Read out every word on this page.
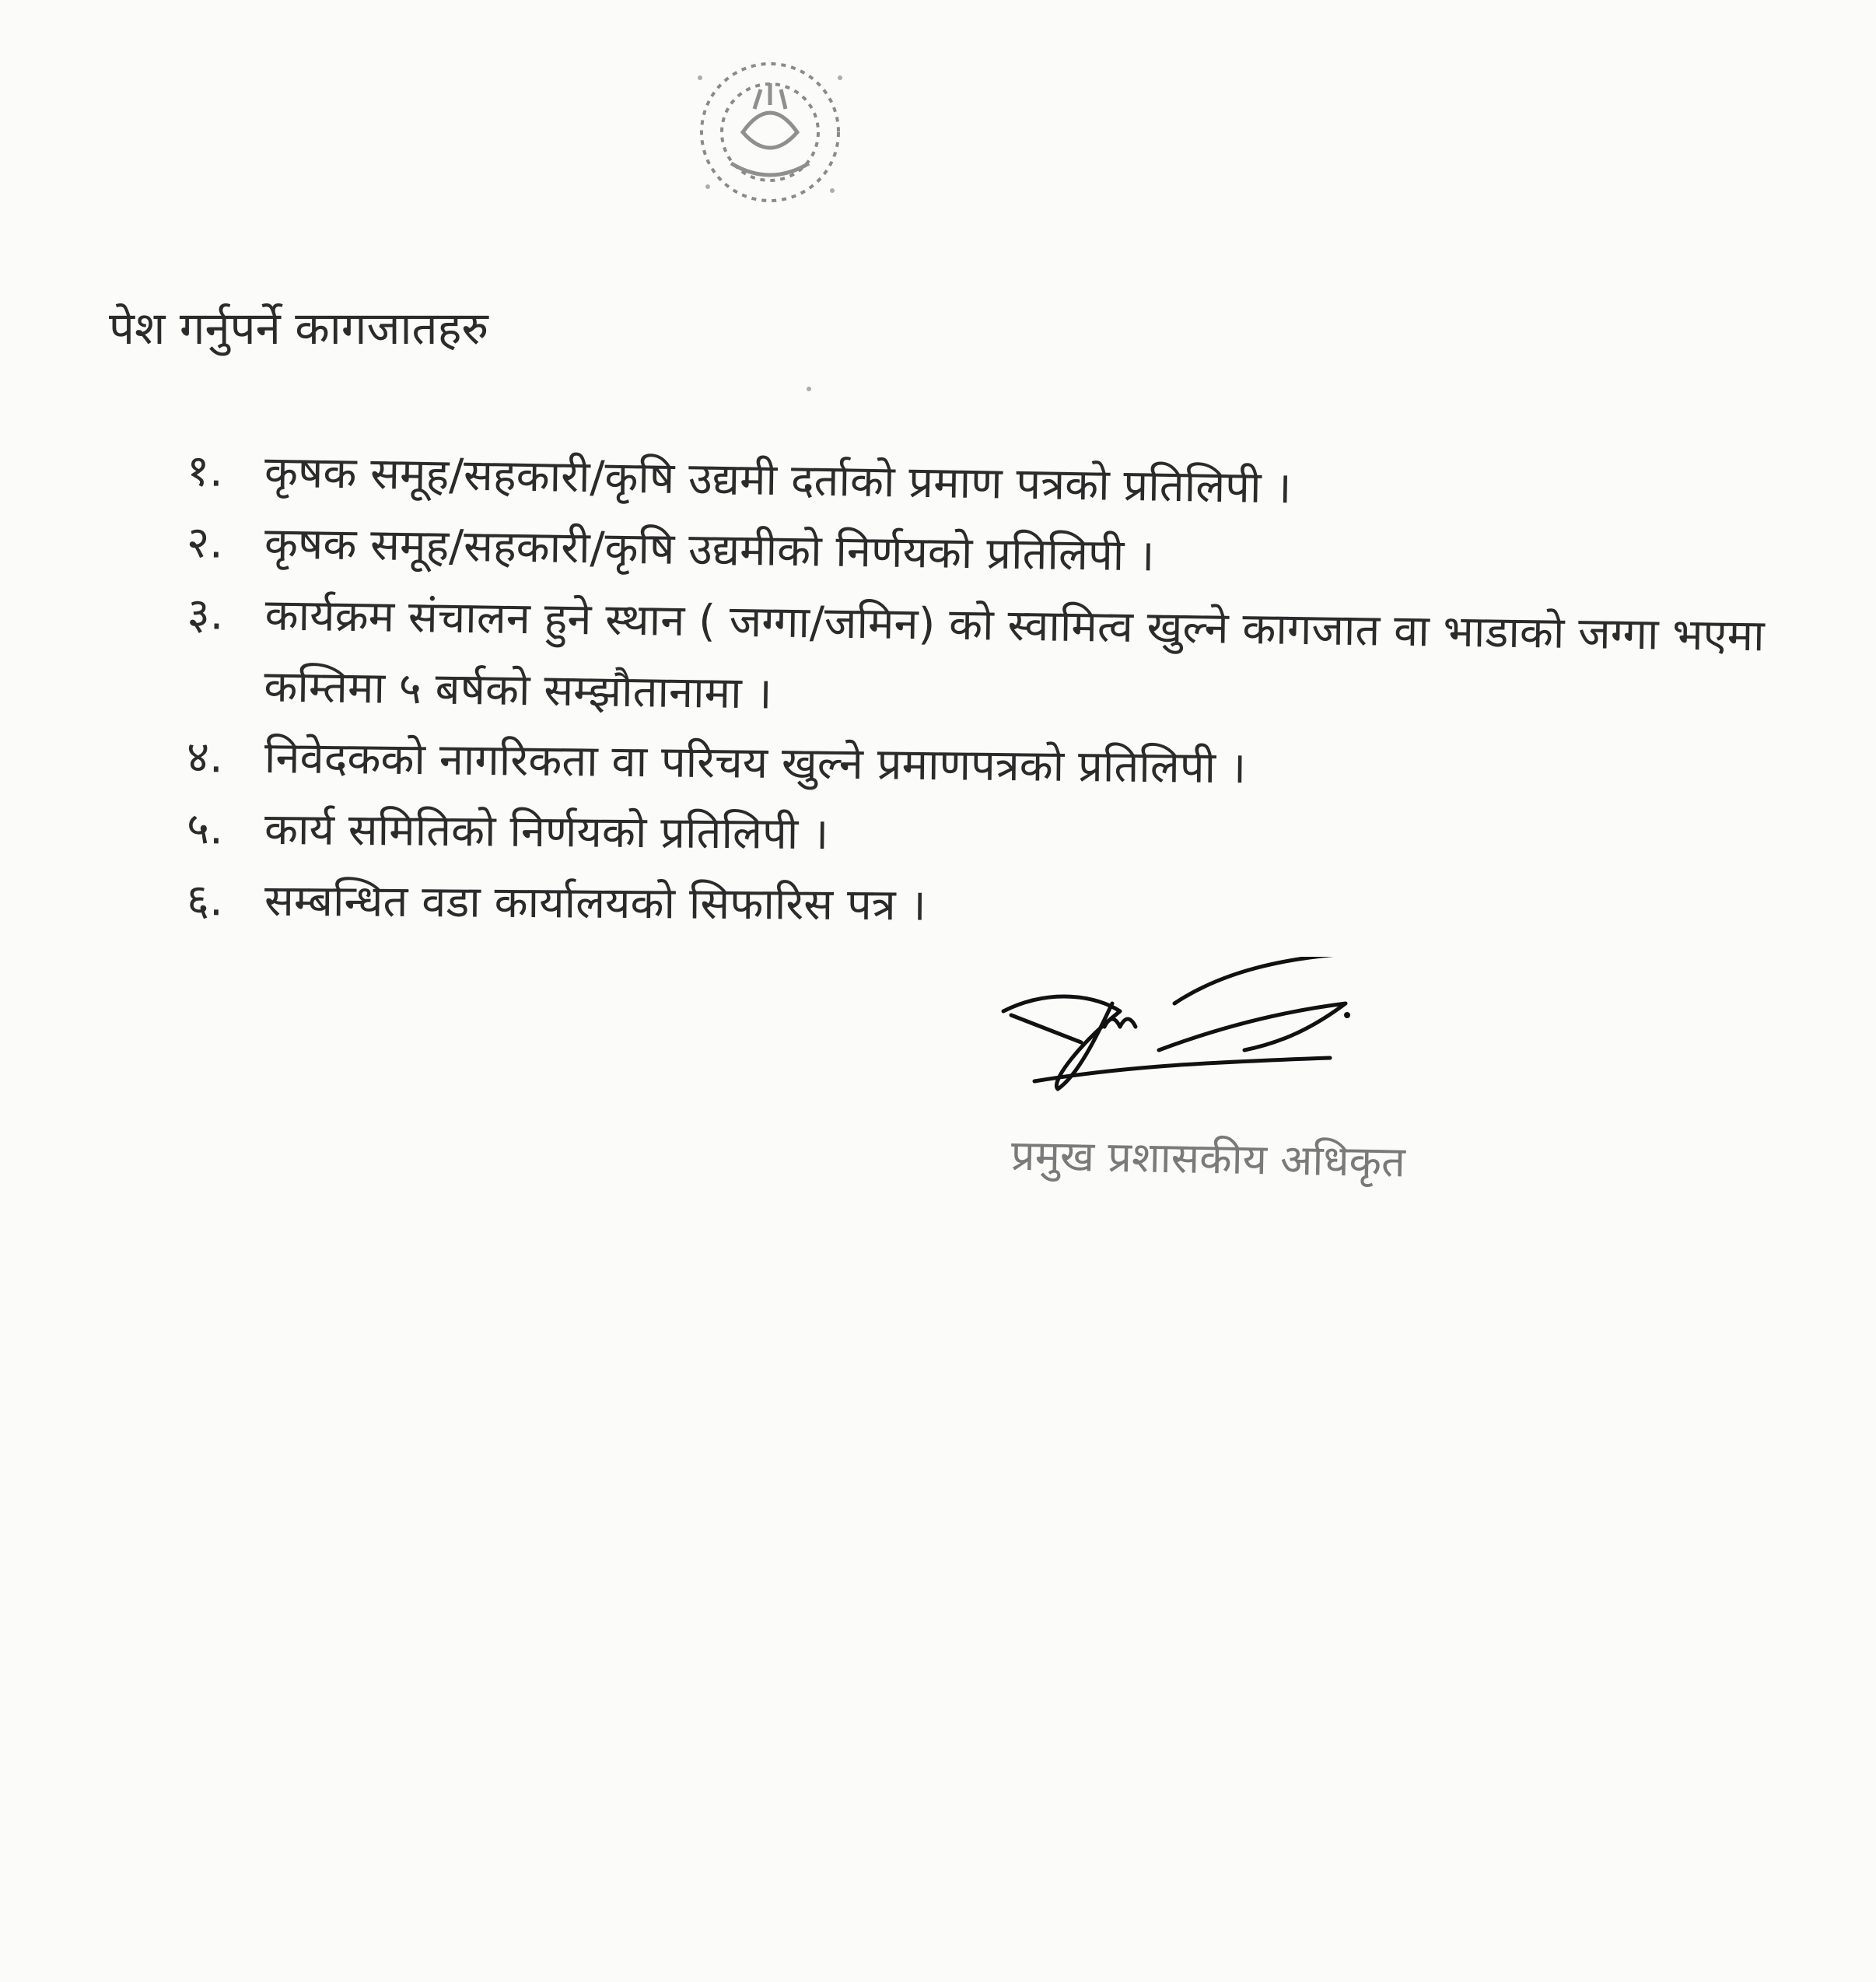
पेश गर्नुपर्ने कागजातहरु
१. कृषक समूह/सहकारी/कृषि उद्यमी दर्ताको प्रमाण पत्रको प्रतिलिपी ।
२. कृषक समूह/सहकारी/कृषि उद्यमीको निर्णयको प्रतिलिपी ।
३. कार्यक्रम संचालन हुने स्थान ( जग्गा/जमिन) को स्वामित्व खुल्ने कागजात वा भाडाको जग्गा भएमा कम्तिमा ५ बर्षको सम्झौतानामा ।
४. निवेदकको नागरिकता वा परिचय खुल्ने प्रमाणपत्रको प्रतिलिपी ।
५. कार्य समितिको निर्णयको प्रतिलिपी ।
६. सम्बन्धित वडा कार्यालयको सिफारिस पत्र ।
प्रमुख प्रशासकीय अधिकृत
